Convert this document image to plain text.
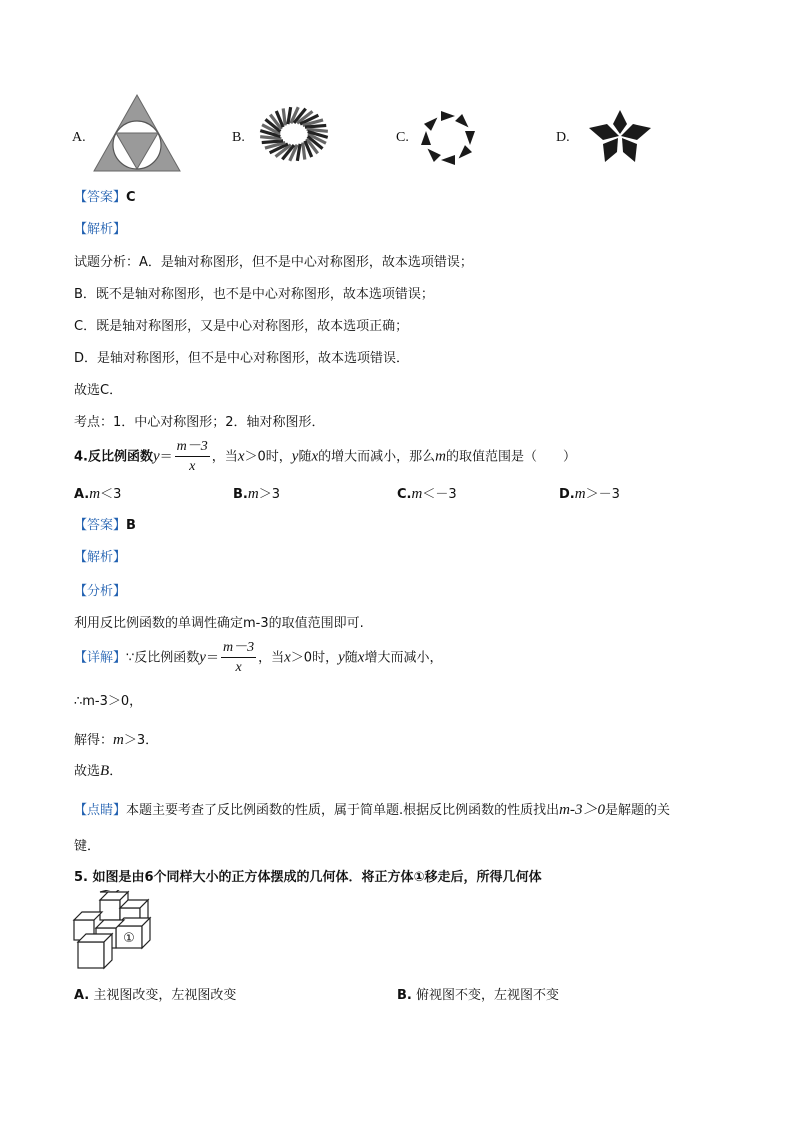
A.	B.	C.	D.
【答案】C
【解析】
试题分析：A．是轴对称图形，但不是中心对称图形，故本选项错误；
B．既不是轴对称图形，也不是中心对称图形，故本选项错误；
C．既是轴对称图形，又是中心对称图形，故本选项正确；
D．是轴对称图形，但不是中心对称图形，故本选项错误．
故选C．
考点：1．中心对称图形；2．轴对称图形．
4.反比例函数$y= \frac{m-3}{x}$ ，当x＞0时，y随x的增大而减小，那么m的取值范围是（　　）
A.m＜3	B.m＞3	C.m＜－3	D.m＞－3
【答案】B
【解析】
【分析】
利用反比例函数的单调性确定m-3的取值范围即可.
【详解】∵反比例函数$y= \frac{m-3}{x}$ ，当x＞0时，y随x增大而减小，
∴m-3＞0，
解得：m＞3．
故选B．
【点睛】本题主要考查了反比例函数的性质，属于简单题.根据反比例函数的性质找出m-3＞0是解题的关
键．
5. 如图是由6个同样大小的正方体摆成的几何体．将正方体①移走后，所得几何体
①
A. 主视图改变，左视图改变	B. 俯视图不变，左视图不变
